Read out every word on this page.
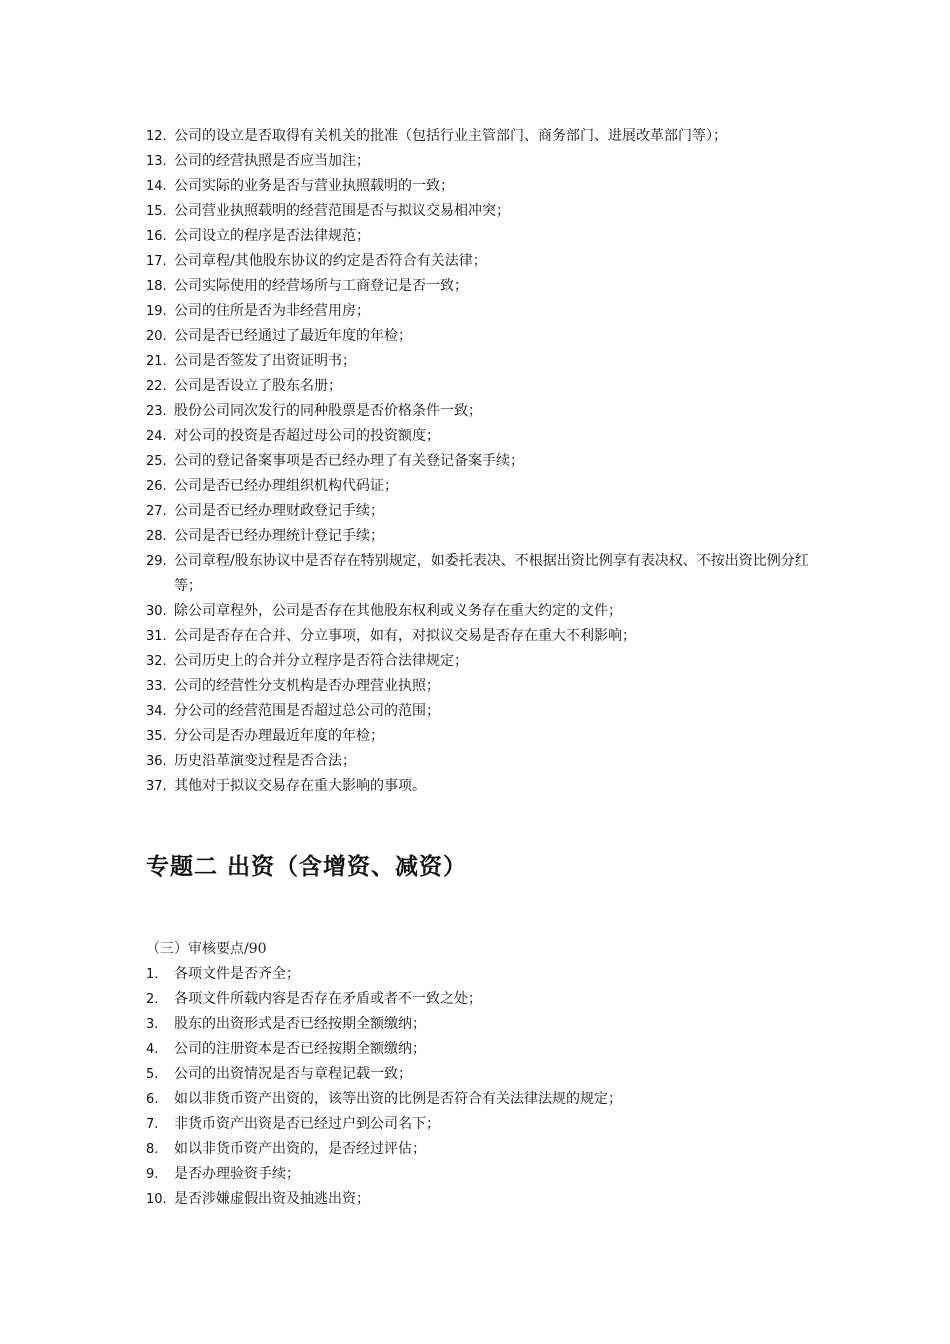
12. 公司的设立是否取得有关机关的批准（包括行业主管部门、商务部门、进展改革部门等）；
13. 公司的经营执照是否应当加注；
14. 公司实际的业务是否与营业执照载明的一致；
15. 公司营业执照载明的经营范围是否与拟议交易相冲突；
16. 公司设立的程序是否法律规范；
17. 公司章程/其他股东协议的约定是否符合有关法律；
18. 公司实际使用的经营场所与工商登记是否一致；
19. 公司的住所是否为非经营用房；
20. 公司是否已经通过了最近年度的年检；
21. 公司是否签发了出资证明书；
22. 公司是否设立了股东名册；
23. 股份公司同次发行的同种股票是否价格条件一致；
24. 对公司的投资是否超过母公司的投资额度；
25. 公司的登记备案事项是否已经办理了有关登记备案手续；
26. 公司是否已经办理组织机构代码证；
27. 公司是否已经办理财政登记手续；
28. 公司是否已经办理统计登记手续；
29. 公司章程/股东协议中是否存在特别规定，如委托表决、不根据出资比例享有表决权、不按出资比例分红等；
30. 除公司章程外，公司是否存在其他股东权利或义务存在重大约定的文件；
31. 公司是否存在合并、分立事项，如有，对拟议交易是否存在重大不利影响；
32. 公司历史上的合并分立程序是否符合法律规定；
33. 公司的经营性分支机构是否办理营业执照；
34. 分公司的经营范围是否超过总公司的范围；
35. 分公司是否办理最近年度的年检；
36. 历史沿革演变过程是否合法；
37. 其他对于拟议交易存在重大影响的事项。
专题二 出资（含增资、减资）
（三）审核要点/90
1. 各项文件是否齐全；
2. 各项文件所载内容是否存在矛盾或者不一致之处；
3. 股东的出资形式是否已经按期全额缴纳；
4. 公司的注册资本是否已经按期全额缴纳；
5. 公司的出资情况是否与章程记载一致；
6. 如以非货币资产出资的，该等出资的比例是否符合有关法律法规的规定；
7. 非货币资产出资是否已经过户到公司名下；
8. 如以非货币资产出资的，是否经过评估；
9. 是否办理验资手续；
10. 是否涉嫌虚假出资及抽逃出资；
